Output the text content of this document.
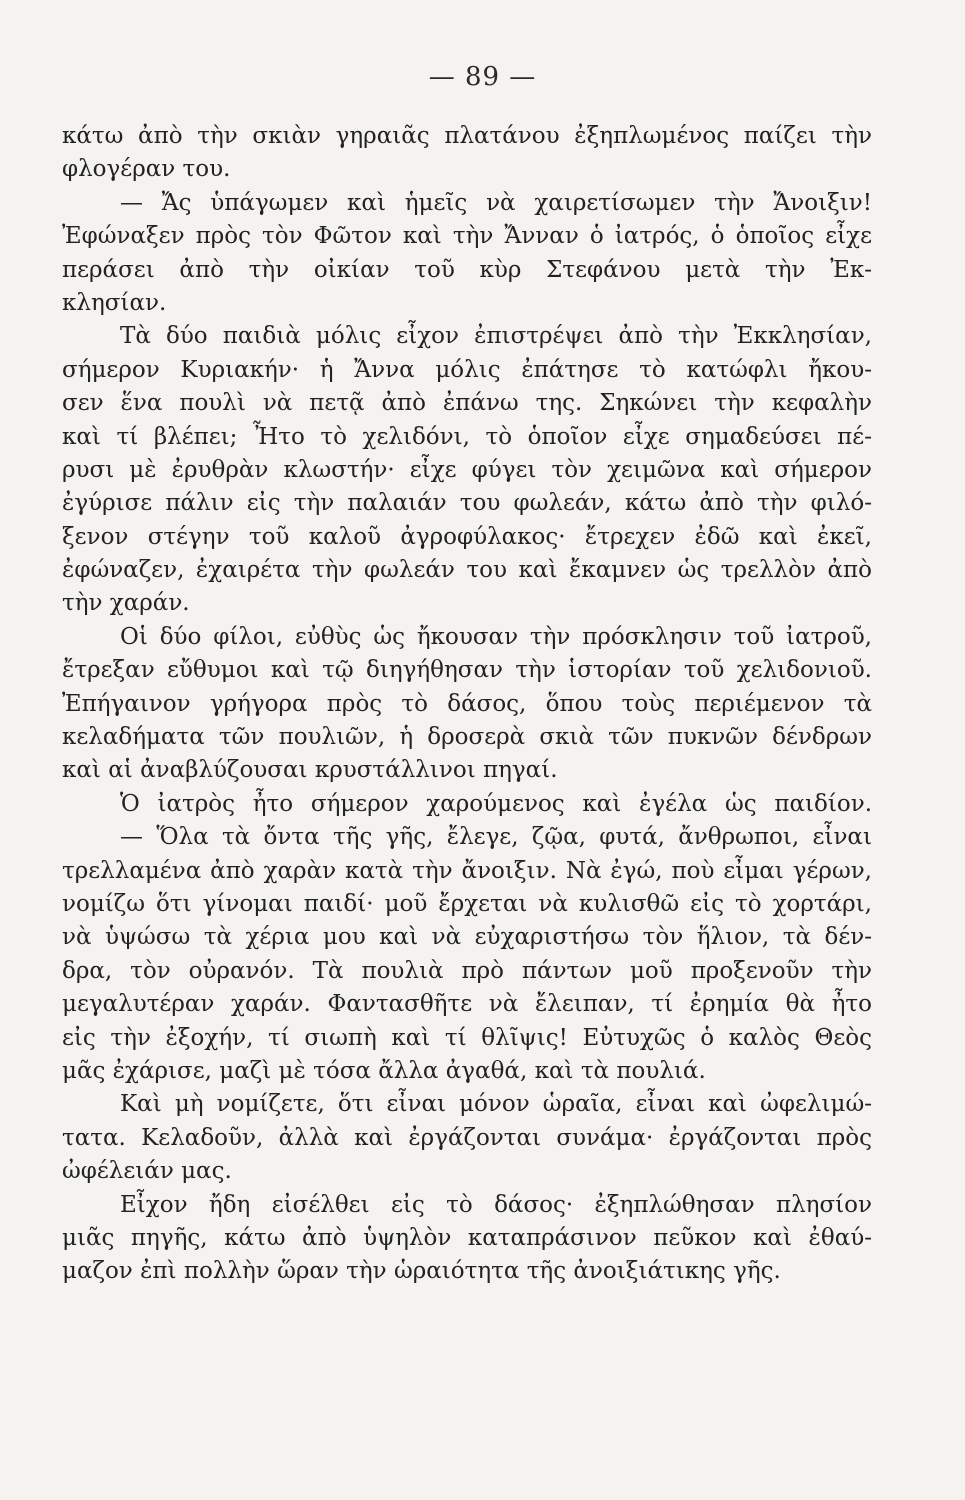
— 89 —
κάτω ἀπὸ τὴν σκιὰν γηραιᾶς πλατάνου ἐξηπλωμένος παίζει τὴν
φλογέραν του.
— Ἄς ὑπάγωμεν καὶ ἡμεῖς νὰ χαιρετίσωμεν τὴν Ἄνοιξιν!
Ἐφώναξεν πρὸς τὸν Φῶτον καὶ τὴν Ἄνναν ὁ ἰατρός, ὁ ὁποῖος εἶχε
περάσει ἀπὸ τὴν οἰκίαν τοῦ κὺρ Στεφάνου μετὰ τὴν Ἐκ-
κλησίαν.
Τὰ δύο παιδιὰ μόλις εἶχον ἐπιστρέψει ἀπὸ τὴν Ἐκκλησίαν,
σήμερον Κυριακήν· ἡ Ἄννα μόλις ἐπάτησε τὸ κατώφλι ἤκου-
σεν ἕνα πουλὶ νὰ πετᾷ ἀπὸ ἐπάνω της. Σηκώνει τὴν κεφαλὴν
καὶ τί βλέπει; Ἦτο τὸ χελιδόνι, τὸ ὁποῖον εἶχε σημαδεύσει πέ-
ρυσι μὲ ἐρυθρὰν κλωστήν· εἶχε φύγει τὸν χειμῶνα καὶ σήμερον
ἐγύρισε πάλιν εἰς τὴν παλαιάν του φωλεάν, κάτω ἀπὸ τὴν φιλό-
ξενον στέγην τοῦ καλοῦ ἀγροφύλακος· ἔτρεχεν ἐδῶ καὶ ἐκεῖ,
ἐφώναζεν, ἐχαιρέτα τὴν φωλεάν του καὶ ἔκαμνεν ὡς τρελλὸν ἀπὸ
τὴν χαράν.
Οἱ δύο φίλοι, εὐθὺς ὡς ἤκουσαν τὴν πρόσκλησιν τοῦ ἰατροῦ,
ἔτρεξαν εὔθυμοι καὶ τῷ διηγήθησαν τὴν ἱστορίαν τοῦ χελιδονιοῦ.
Ἐπήγαινον γρήγορα πρὸς τὸ δάσος, ὅπου τοὺς περιέμενον τὰ
κελαδήματα τῶν πουλιῶν, ἡ δροσερὰ σκιὰ τῶν πυκνῶν δένδρων
καὶ αἱ ἀναβλύζουσαι κρυστάλλινοι πηγαί.
Ὁ ἰατρὸς ἦτο σήμερον χαρούμενος καὶ ἐγέλα ὡς παιδίον.
— Ὅλα τὰ ὄντα τῆς γῆς, ἔλεγε, ζῷα, φυτά, ἄνθρωποι, εἶναι
τρελλαμένα ἀπὸ χαρὰν κατὰ τὴν ἄνοιξιν. Νὰ ἐγώ, ποὺ εἶμαι γέρων,
νομίζω ὅτι γίνομαι παιδί· μοῦ ἔρχεται νὰ κυλισθῶ εἰς τὸ χορτάρι,
νὰ ὑψώσω τὰ χέρια μου καὶ νὰ εὐχαριστήσω τὸν ἥλιον, τὰ δέν-
δρα, τὸν οὐρανόν. Τὰ πουλιὰ πρὸ πάντων μοῦ προξενοῦν τὴν
μεγαλυτέραν χαράν. Φαντασθῆτε νὰ ἔλειπαν, τί ἐρημία θὰ ἦτο
εἰς τὴν ἐξοχήν, τί σιωπὴ καὶ τί θλῖψις! Εὐτυχῶς ὁ καλὸς Θεὸς
μᾶς ἐχάρισε, μαζὶ μὲ τόσα ἄλλα ἀγαθά, καὶ τὰ πουλιά.
Καὶ μὴ νομίζετε, ὅτι εἶναι μόνον ὡραῖα, εἶναι καὶ ὠφελιμώ-
τατα. Κελαδοῦν, ἀλλὰ καὶ ἐργάζονται συνάμα· ἐργάζονται πρὸς
ὠφέλειάν μας.
Εἶχον ἤδη εἰσέλθει εἰς τὸ δάσος· ἐξηπλώθησαν πλησίον
μιᾶς πηγῆς, κάτω ἀπὸ ὑψηλὸν καταπράσινον πεῦκον καὶ ἐθαύ-
μαζον ἐπὶ πολλὴν ὥραν τὴν ὡραιότητα τῆς ἀνοιξιάτικης γῆς.
